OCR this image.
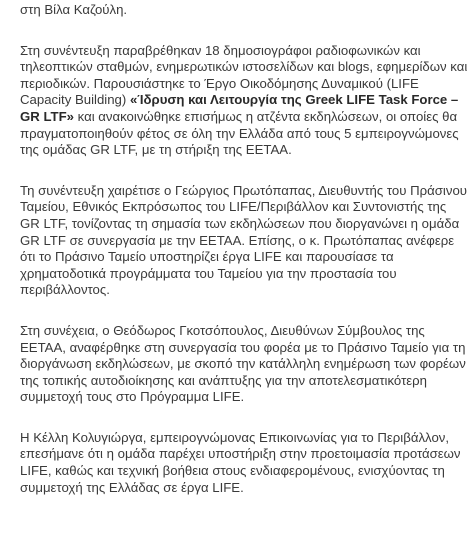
στη Βίλα Καζούλη.

Στη συνέντευξη παραβρέθηκαν 18 δημοσιογράφοι ραδιοφωνικών και τηλεοπτικών σταθμών, ενημερωτικών ιστοσελίδων και blogs, εφημερίδων και περιοδικών. Παρουσιάστηκε το Έργο Οικοδόμησης Δυναμικού (LIFE Capacity Building) «Ίδρυση και Λειτουργία της Greek LIFE Task Force – GR LTF» και ανακοινώθηκε επισήμως η ατζέντα εκδηλώσεων, οι οποίες θα πραγματοποιηθούν φέτος σε όλη την Ελλάδα από τους 5 εμπειρογνώμονες της ομάδας GR LTF, με τη στήριξη της ΕΕΤΑΑ.

Τη συνέντευξη χαιρέτισε ο Γεώργιος Πρωτόπαπας, Διευθυντής του Πράσινου Ταμείου, Εθνικός Εκπρόσωπος του LIFE/Περιβάλλον και Συντονιστής της GR LTF, τονίζοντας τη σημασία των εκδηλώσεων που διοργανώνει η ομάδα GR LTF σε συνεργασία με την ΕΕΤΑΑ. Επίσης, ο κ. Πρωτόπαπας ανέφερε ότι το Πράσινο Ταμείο υποστηρίζει έργα LIFE και παρουσίασε τα χρηματοδοτικά προγράμματα του Ταμείου για την προστασία του περιβάλλοντος.

Στη συνέχεια, ο Θεόδωρος Γκοτσόπουλος, Διευθύνων Σύμβουλος της ΕΕΤΑΑ, αναφέρθηκε στη συνεργασία του φορέα με το Πράσινο Ταμείο για τη διοργάνωση εκδηλώσεων, με σκοπό την κατάλληλη ενημέρωση των φορέων της τοπικής αυτοδιοίκησης και ανάπτυξης για την αποτελεσματικότερη συμμετοχή τους στο Πρόγραμμα LIFE.

Η Κέλλη Κολυγιώργα, εμπειρογνώμονας Επικοινωνίας για το Περιβάλλον, επεσήμανε ότι η ομάδα παρέχει υποστήριξη στην προετοιμασία προτάσεων LIFE, καθώς και τεχνική βοήθεια στους ενδιαφερομένους, ενισχύοντας τη συμμετοχή της Ελλάδας σε έργα LIFE.
